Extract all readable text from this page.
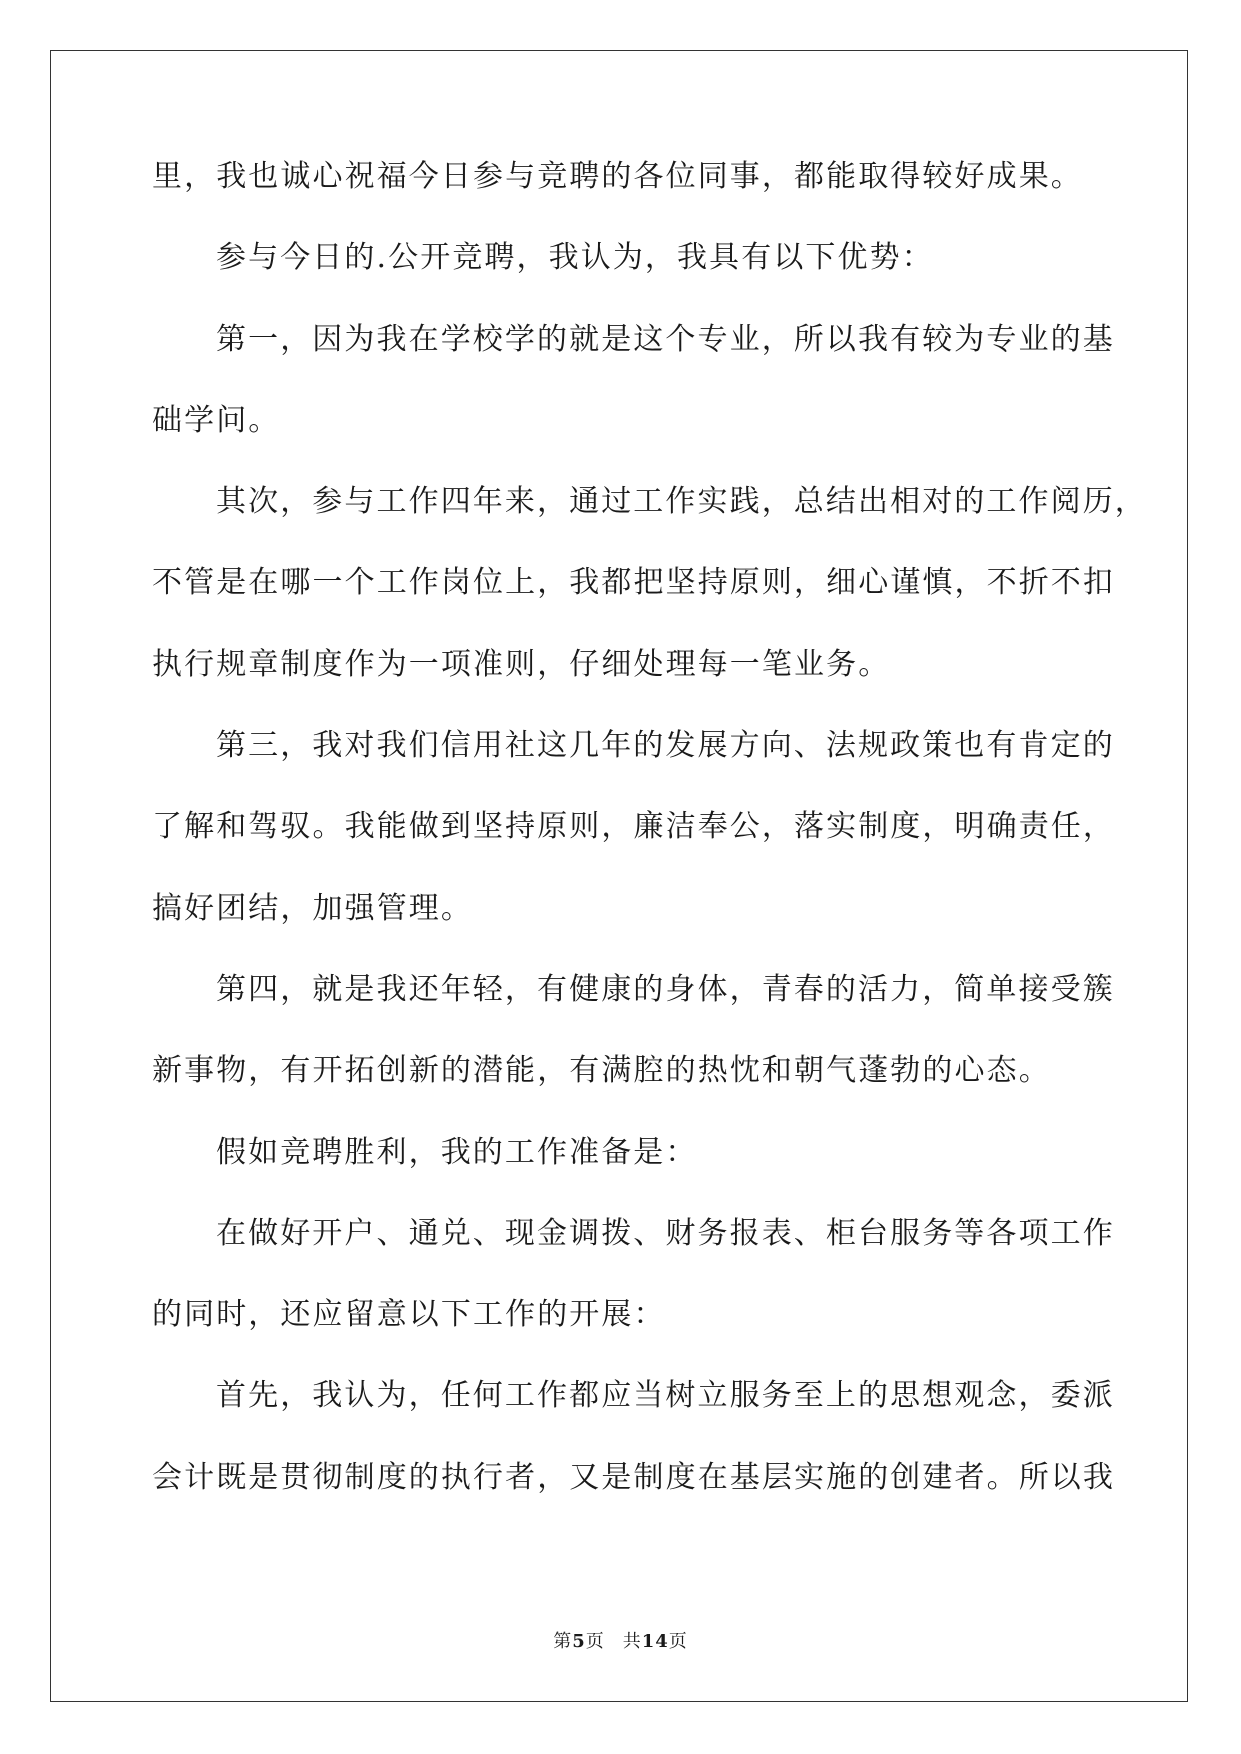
里，我也诚心祝福今日参与竞聘的各位同事，都能取得较好成果。
参与今日的.公开竞聘，我认为，我具有以下优势：
第一，因为我在学校学的就是这个专业，所以我有较为专业的基
础学问。
其次，参与工作四年来，通过工作实践，总结出相对的工作阅历，
不管是在哪一个工作岗位上，我都把坚持原则，细心谨慎，不折不扣
执行规章制度作为一项准则，仔细处理每一笔业务。
第三，我对我们信用社这几年的发展方向、法规政策也有肯定的
了解和驾驭。我能做到坚持原则，廉洁奉公，落实制度，明确责任，
搞好团结，加强管理。
第四，就是我还年轻，有健康的身体，青春的活力，简单接受簇
新事物，有开拓创新的潜能，有满腔的热忱和朝气蓬勃的心态。
假如竞聘胜利，我的工作准备是：
在做好开户、通兑、现金调拨、财务报表、柜台服务等各项工作
的同时，还应留意以下工作的开展：
首先，我认为，任何工作都应当树立服务至上的思想观念，委派
会计既是贯彻制度的执行者，又是制度在基层实施的创建者。所以我
第5页 共14页
